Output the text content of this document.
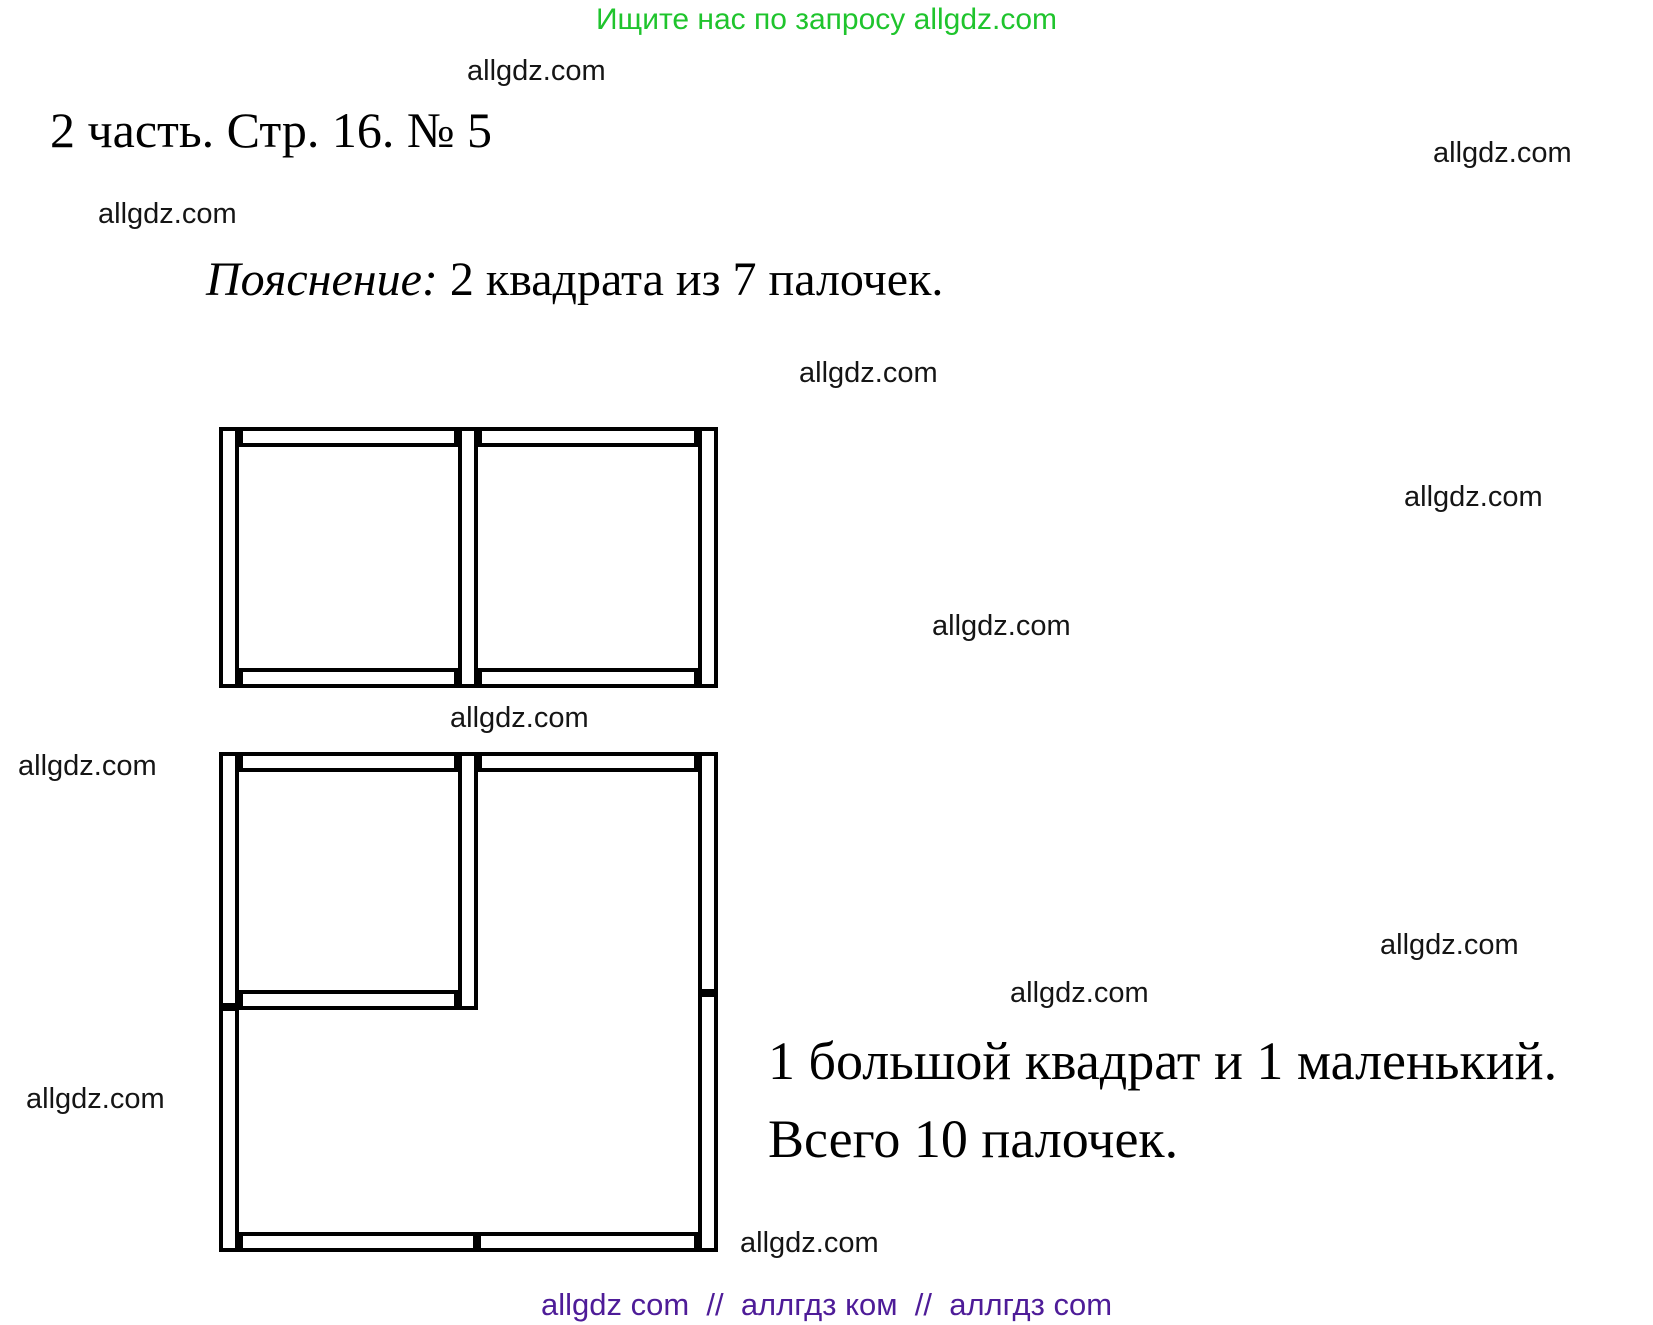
Ищите нас по запросу allgdz.com
2 часть. Стр. 16. № 5
Пояснение: 2 квадрата из 7 палочек.
1 большой квадрат и 1 маленький.
Всего 10 палочек.
allgdz com  //  аллгдз ком  //  аллгдз com
allgdz.com
allgdz.com
allgdz.com
allgdz.com
allgdz.com
allgdz.com
allgdz.com
allgdz.com
allgdz.com
allgdz.com
allgdz.com
allgdz.com
